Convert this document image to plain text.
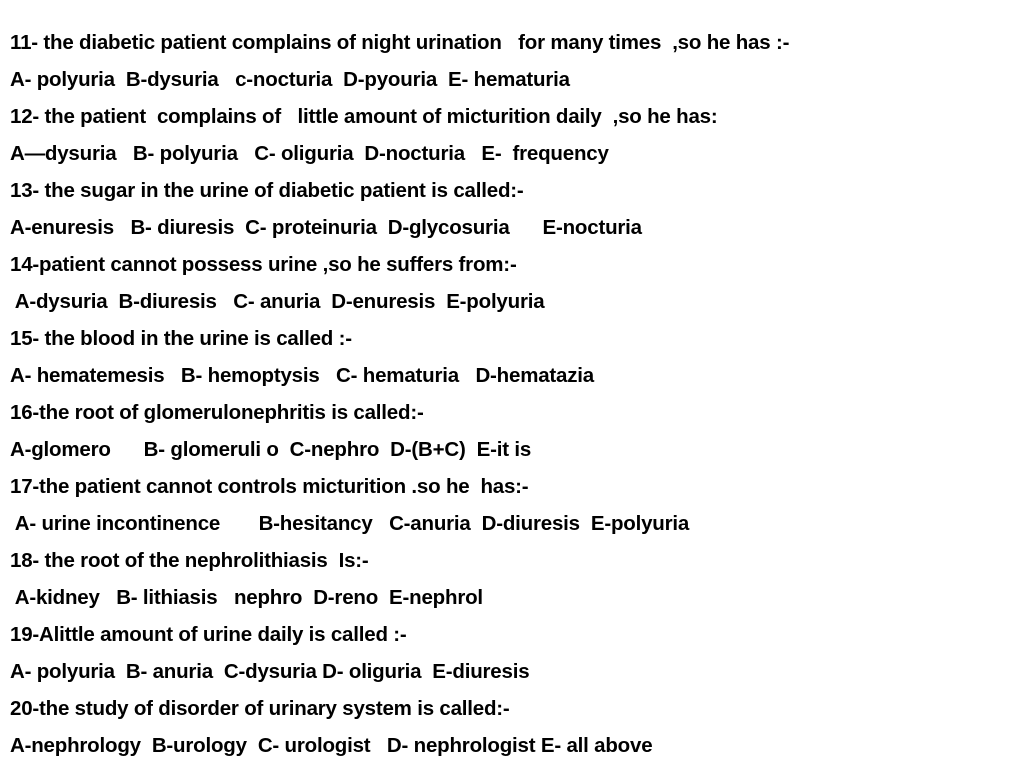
11- the diabetic patient complains of night urination   for many times  ,so he has :-
A- polyuria  B-dysuria   c-nocturia  D-pyouria  E- hematuria
12- the patient  complains of   little amount of micturition daily  ,so he has:
A—dysuria   B- polyuria   C- oliguria  D-nocturia   E-  frequency
13- the sugar in the urine of diabetic patient is called:-
A-enuresis   B- diuresis  C- proteinuria  D-glycosuria      E-nocturia
14-patient cannot possess urine ,so he suffers from:-
A-dysuria  B-diuresis   C- anuria  D-enuresis  E-polyuria
15- the blood in the urine is called :-
A- hematemesis   B- hemoptysis   C- hematuria   D-hematazia
16-the root of glomerulonephritis is called:-
A-glomero      B- glomeruli o  C-nephro  D-(B+C)  E-it is
17-the patient cannot controls micturition .so he  has:-
A- urine incontinence       B-hesitancy   C-anuria  D-diuresis  E-polyuria
18- the root of the nephrolithiasis  Is:-
A-kidney   B- lithiasis   nephro  D-reno  E-nephrol
19-Alittle amount of urine daily is called :-
A- polyuria  B- anuria  C-dysuria D- oliguria  E-diuresis
20-the study of disorder of urinary system is called:-
A-nephrology  B-urology  C- urologist   D- nephrologist E- all above
